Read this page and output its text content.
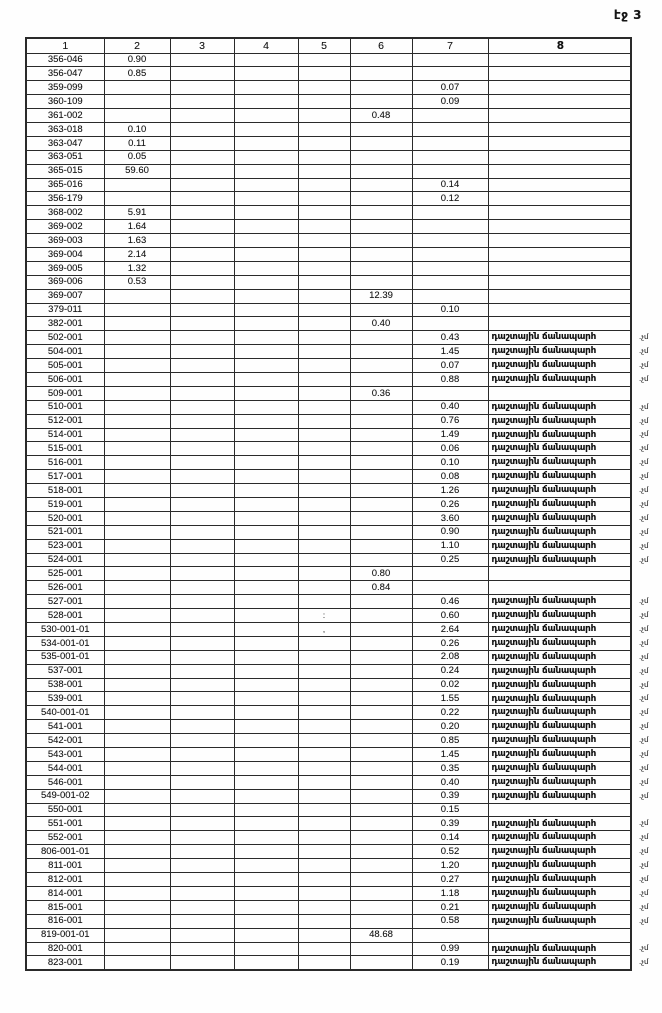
էջ 3
1	2	3	4	5	6	7	8	
356-046	0.90							
356-047	0.85							
359-099						0.07		
360-109						0.09		
361-002					0.48			
363-018	0.10							
363-047	0.11							
363-051	0.05							
365-015	59.60							
365-016						0.14		
356-179						0.12		
368-002	5.91							
369-002	1.64							
369-003	1.63							
369-004	2.14							
369-005	1.32							
369-006	0.53							
369-007					12.39			
379-011						0.10		
382-001					0.40			
502-001						0.43	դաշտային ճանապարհ	.չմ
504-001						1.45	դաշտային ճանապարհ	.չմ
505-001						0.07	դաշտային ճանապարհ	.չմ
506-001						0.88	դաշտային ճանապարհ	.չմ
509-001					0.36			
510-001						0.40	դաշտային ճանապարհ	.չմ
512-001						0.76	դաշտային ճանապարհ	.չմ
514-001						1.49	դաշտային ճանապարհ	.չմ
515-001						0.06	դաշտային ճանապարհ	.չմ
516-001						0.10	դաշտային ճանապարհ	.չմ
517-001						0.08	դաշտային ճանապարհ	.չմ
518-001						1.26	դաշտային ճանապարհ	.չմ
519-001						0.26	դաշտային ճանապարհ	.չմ
520-001						3.60	դաշտային ճանապարհ	.չմ
521-001						0.90	դաշտային ճանապարհ	.չմ
523-001						1.10	դաշտային ճանապարհ	.չմ
524-001						0.25	դաշտային ճանապարհ	.չմ
525-001					0.80			
526-001					0.84			
527-001						0.46	դաշտային ճանապարհ	.չմ
528-001				:		0.60	դաշտային ճանապարհ	.չմ
530-001-01				,		2.64	դաշտային ճանապարհ	.չմ
534-001-01						0.26	դաշտային ճանապարհ	.չմ
535-001-01						2.08	դաշտային ճանապարհ	.չմ
537-001						0.24	դաշտային ճանապարհ	.չմ
538-001						0.02	դաշտային ճանապարհ	.չմ
539-001						1.55	դաշտային ճանապարհ	.չմ
540-001-01						0.22	դաշտային ճանապարհ	.չմ
541-001						0.20	դաշտային ճանապարհ	.չմ
542-001						0.85	դաշտային ճանապարհ	.չմ
543-001						1.45	դաշտային ճանապարհ	.չմ
544-001						0.35	դաշտային ճանապարհ	.չմ
546-001						0.40	դաշտային ճանապարհ	.չմ
549-001-02						0.39	դաշտային ճանապարհ	.չմ
550-001						0.15		
551-001						0.39	դաշտային ճանապարհ	.չմ
552-001						0.14	դաշտային ճանապարհ	.չմ
806-001-01						0.52	դաշտային ճանապարհ	.չմ
811-001						1.20	դաշտային ճանապարհ	.չմ
812-001						0.27	դաշտային ճանապարհ	.չմ
814-001						1.18	դաշտային ճանապարհ	.չմ
815-001						0.21	դաշտային ճանապարհ	.չմ
816-001						0.58	դաշտային ճանապարհ	.չմ
819-001-01					48.68			
820-001						0.99	դաշտային ճանապարհ	.չմ
823-001						0.19	դաշտային ճանապարհ	.չմ
